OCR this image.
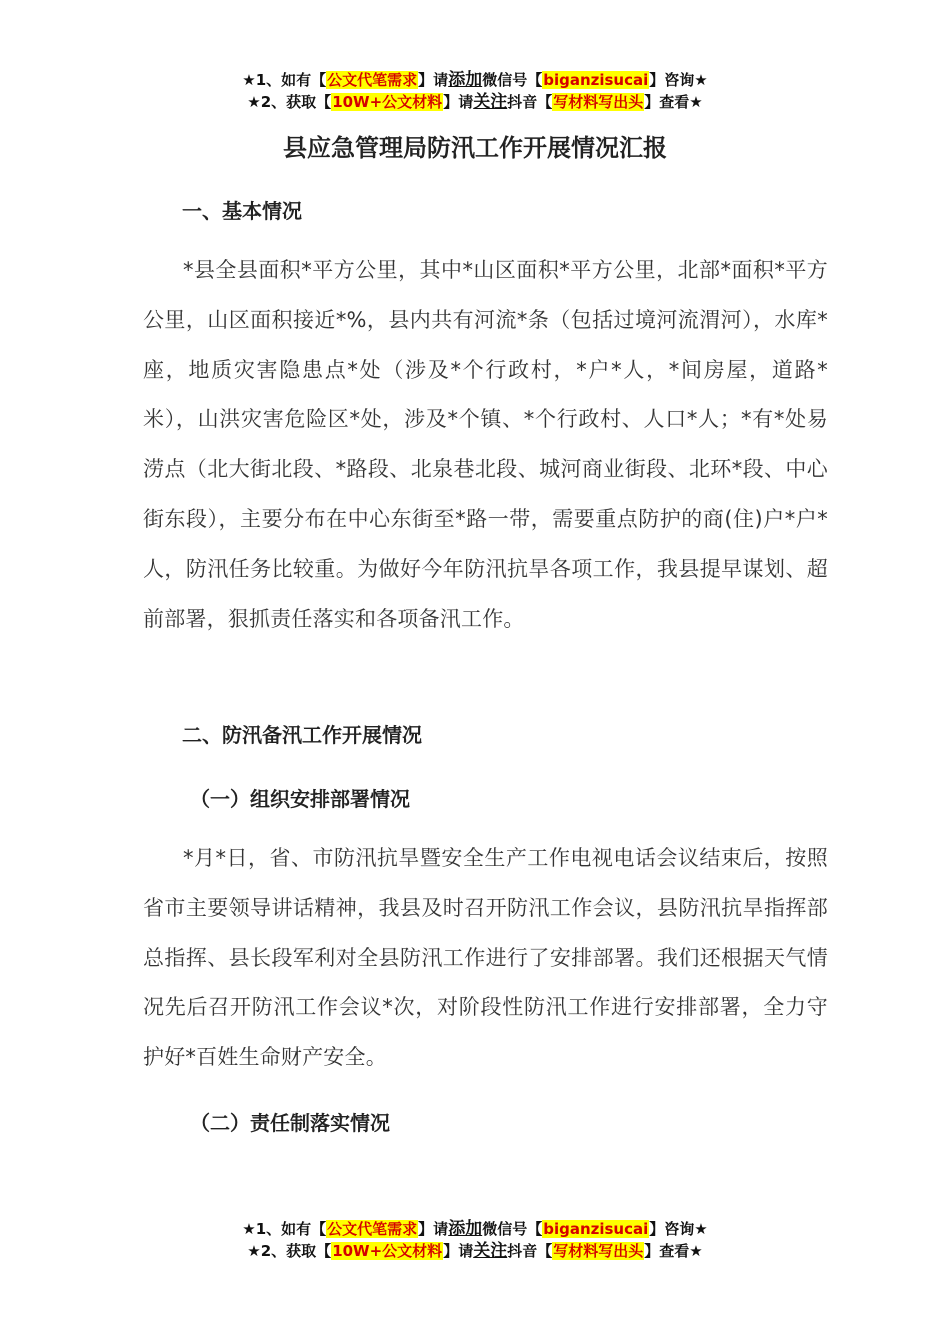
★1、如有【公文代笔需求】请添加微信号【biganzisucai】咨询★
★2、获取【10W+公文材料】请关注抖音【写材料写出头】查看★
县应急管理局防汛工作开展情况汇报
一、基本情况
*县全县面积*平方公里，其中*山区面积*平方公里，北部*面积*平方公里，山区面积接近*%，县内共有河流*条（包括过境河流渭河），水库*座，地质灾害隐患点*处（涉及*个行政村，*户*人，*间房屋，道路*米），山洪灾害危险区*处，涉及*个镇、*个行政村、人口*人；*有*处易涝点（北大街北段、*路段、北泉巷北段、城河商业街段、北环*段、中心街东段），主要分布在中心东街至*路一带，需要重点防护的商(住)户*户*人，防汛任务比较重。为做好今年防汛抗旱各项工作，我县提早谋划、超前部署，狠抓责任落实和各项备汛工作。
二、防汛备汛工作开展情况
（一）组织安排部署情况
*月*日，省、市防汛抗旱暨安全生产工作电视电话会议结束后，按照省市主要领导讲话精神，我县及时召开防汛工作会议，县防汛抗旱指挥部总指挥、县长段军利对全县防汛工作进行了安排部署。我们还根据天气情况先后召开防汛工作会议*次，对阶段性防汛工作进行安排部署，全力守护好*百姓生命财产安全。
（二）责任制落实情况
★1、如有【公文代笔需求】请添加微信号【biganzisucai】咨询★
★2、获取【10W+公文材料】请关注抖音【写材料写出头】查看★
